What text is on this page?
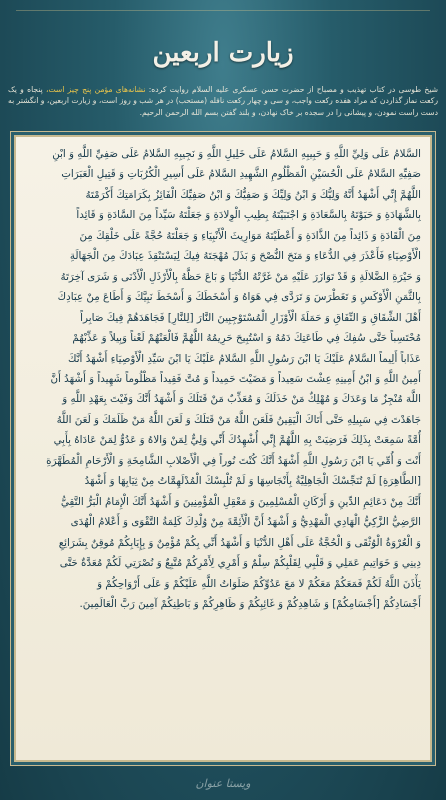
زیارت اربعین
شیخ طوسی در کتاب تهذیب و مصباح از حضرت حسن عسکری علیه السلام روایت کرده: نشانه‌های مؤمن پنج چیز است، پنجاه و یک رکعت نماز گذاردن که مراد هفده رکعت واجب، و سی و چهار رکعت نافله (مستحب) در هر شب و روز است، و زیارت اربعین، و انگشتر به دست راست نمودن، و پیشانی را در سجده بر خاک نهادن، و بلند گفتن بسم الله الرحمن الرحیم.
السَّلامُ عَلَى وَلِيِّ اللَّهِ وَ حَبِيبِهِ السَّلامُ عَلَى خَلِيلِ اللَّهِ وَ نَجِيبِهِ السَّلامُ عَلَى صَفِيِّ اللَّهِ وَ ابْنِ
صَفِيِّهِ السَّلامُ عَلَى الْحُسَيْنِ الْمَظْلُومِ الشَّهِيدِ السَّلامُ عَلَى أَسِيرِ الْكُرُبَاتِ وَ قَتِيلِ الْعَبَرَاتِ
اللَّهُمَّ إِنِّي أَشْهَدُ أَنَّهُ وَلِيُّكَ وَ ابْنُ وَلِيِّكَ وَ صَفِيُّكَ وَ ابْنُ صَفِيِّكَ الْفَائِزُ بِكَرَامَتِكَ أَكْرَمْتَهُ
بِالشَّهَادَةِ وَ حَبَوْتَهُ بِالسَّعَادَةِ وَ اجْتَبَيْتَهُ بِطِيبِ الْوِلادَةِ وَ جَعَلْتَهُ سَيِّداً مِنَ السَّادَةِ وَ قَائِداً
مِنَ الْقَادَةِ وَ ذَائِداً مِنَ الذَّادَةِ وَ أَعْطَيْتَهُ مَوَارِيثَ الْأَنْبِيَاءِ وَ جَعَلْتَهُ حُجَّةً عَلَى خَلْقِكَ مِنَ
الْأَوْصِيَاءِ فَأَعْذَرَ فِي الدُّعَاءِ وَ مَنَحَ النُّصْحَ وَ بَذَلَ مُهْجَتَهُ فِيكَ لِيَسْتَنْقِذَ عِبَادَكَ مِنَ الْجَهَالَةِ
وَ حَيْرَةِ الضَّلالَةِ وَ قَدْ تَوَازَرَ عَلَيْهِ مَنْ غَرَّتْهُ الدُّنْيَا وَ بَاعَ حَظَّهُ بِالْأَرْذَلِ الْأَدْنَى وَ شَرَى آخِرَتَهُ
بِالثَّمَنِ الْأَوْكَسِ وَ تَغَطْرَسَ وَ تَرَدَّى فِي هَوَاهُ وَ أَسْخَطَكَ وَ أَسْخَطَ نَبِيَّكَ وَ أَطَاعَ مِنْ عِبَادِكَ
أَهْلَ الشِّقَاقِ وَ النِّفَاقِ وَ حَمَلَةَ الْأَوْزَارِ الْمُسْتَوْجِبِينَ النَّارَ [لِلنَّارِ] فَجَاهَدَهُمْ فِيكَ صَابِراً
مُحْتَسِباً حَتَّى سُفِكَ فِي طَاعَتِكَ دَمُهُ وَ اسْتُبِيحَ حَرِيمُهُ اللَّهُمَّ فَالْعَنْهُمْ لَعْناً وَبِيلاً وَ عَذِّبْهُمْ
عَذَاباً أَلِيماً السَّلامُ عَلَيْكَ يَا ابْنَ رَسُولِ اللَّهِ السَّلامُ عَلَيْكَ يَا ابْنَ سَيِّدِ الْأَوْصِيَاءِ أَشْهَدُ أَنَّكَ
أَمِينُ اللَّهِ وَ ابْنُ أَمِينِهِ عِشْتَ سَعِيداً وَ مَضَيْتَ حَمِيداً وَ مُتَّ فَقِيداً مَظْلُوماً شَهِيداً وَ أَشْهَدُ أَنَّ
اللَّهَ مُنْجِزٌ مَا وَعَدَكَ وَ مُهْلِكٌ مَنْ خَذَلَكَ وَ مُعَذِّبٌ مَنْ قَتَلَكَ وَ أَشْهَدُ أَنَّكَ وَفَيْتَ بِعَهْدِ اللَّهِ وَ
جَاهَدْتَ فِي سَبِيلِهِ حَتَّى أَتَاكَ الْيَقِينُ فَلَعَنَ اللَّهُ مَنْ قَتَلَكَ وَ لَعَنَ اللَّهُ مَنْ ظَلَمَكَ وَ لَعَنَ اللَّهُ
أُمَّةً سَمِعَتْ بِذَلِكَ فَرَضِيَتْ بِهِ اللَّهُمَّ إِنِّي أُشْهِدُكَ أَنِّي وَلِيٌّ لِمَنْ وَالاهُ وَ عَدُوٌّ لِمَنْ عَادَاهُ بِأَبِي
أَنْتَ وَ أُمِّي يَا ابْنَ رَسُولِ اللَّهِ أَشْهَدُ أَنَّكَ كُنْتَ نُوراً فِي الْأَصْلابِ الشَّامِخَةِ وَ الْأَرْحَامِ الْمُطَهَّرَةِ
[الطَّاهِرَةِ] لَمْ تُنَجِّسْكَ الْجَاهِلِيَّةُ بِأَنْجَاسِهَا وَ لَمْ تُلْبِسْكَ الْمُدْلَهِمَّاتُ مِنْ ثِيَابِهَا وَ أَشْهَدُ
أَنَّكَ مِنْ دَعَائِمِ الدِّينِ وَ أَرْكَانِ الْمُسْلِمِينَ وَ مَعْقِلِ الْمُؤْمِنِينَ وَ أَشْهَدُ أَنَّكَ الْإِمَامُ الْبَرُّ التَّقِيُّ
الرَّضِيُّ الزَّكِيُّ الْهَادِي الْمَهْدِيُّ وَ أَشْهَدُ أَنَّ الْأَئِمَّةَ مِنْ وُلْدِكَ كَلِمَةُ التَّقْوَى وَ أَعْلامُ الْهُدَى
وَ الْعُرْوَةُ الْوُثْقَى وَ الْحُجَّةُ عَلَى أَهْلِ الدُّنْيَا وَ أَشْهَدُ أَنِّي بِكُمْ مُؤْمِنٌ وَ بِإِيَابِكُمْ مُوقِنٌ بِشَرَائِعِ
دِينِي وَ خَوَاتِيمِ عَمَلِي وَ قَلْبِي لِقَلْبِكُمْ سِلْمٌ وَ أَمْرِي لِأَمْرِكُمْ مُتَّبِعٌ وَ نُصْرَتِي لَكُمْ مُعَدَّةٌ حَتَّى
يَأْذَنَ اللَّهُ لَكُمْ فَمَعَكُمْ مَعَكُمْ لا مَعَ عَدُوِّكُمْ صَلَوَاتُ اللَّهِ عَلَيْكُمْ وَ عَلَى أَرْوَاحِكُمْ وَ
أَجْسَادِكُمْ [أَجْسَامِكُمْ] وَ شَاهِدِكُمْ وَ غَائِبِكُمْ وَ ظَاهِرِكُمْ وَ بَاطِنِكُمْ آمِينَ رَبَّ الْعَالَمِينَ.
ویستا عنوان
